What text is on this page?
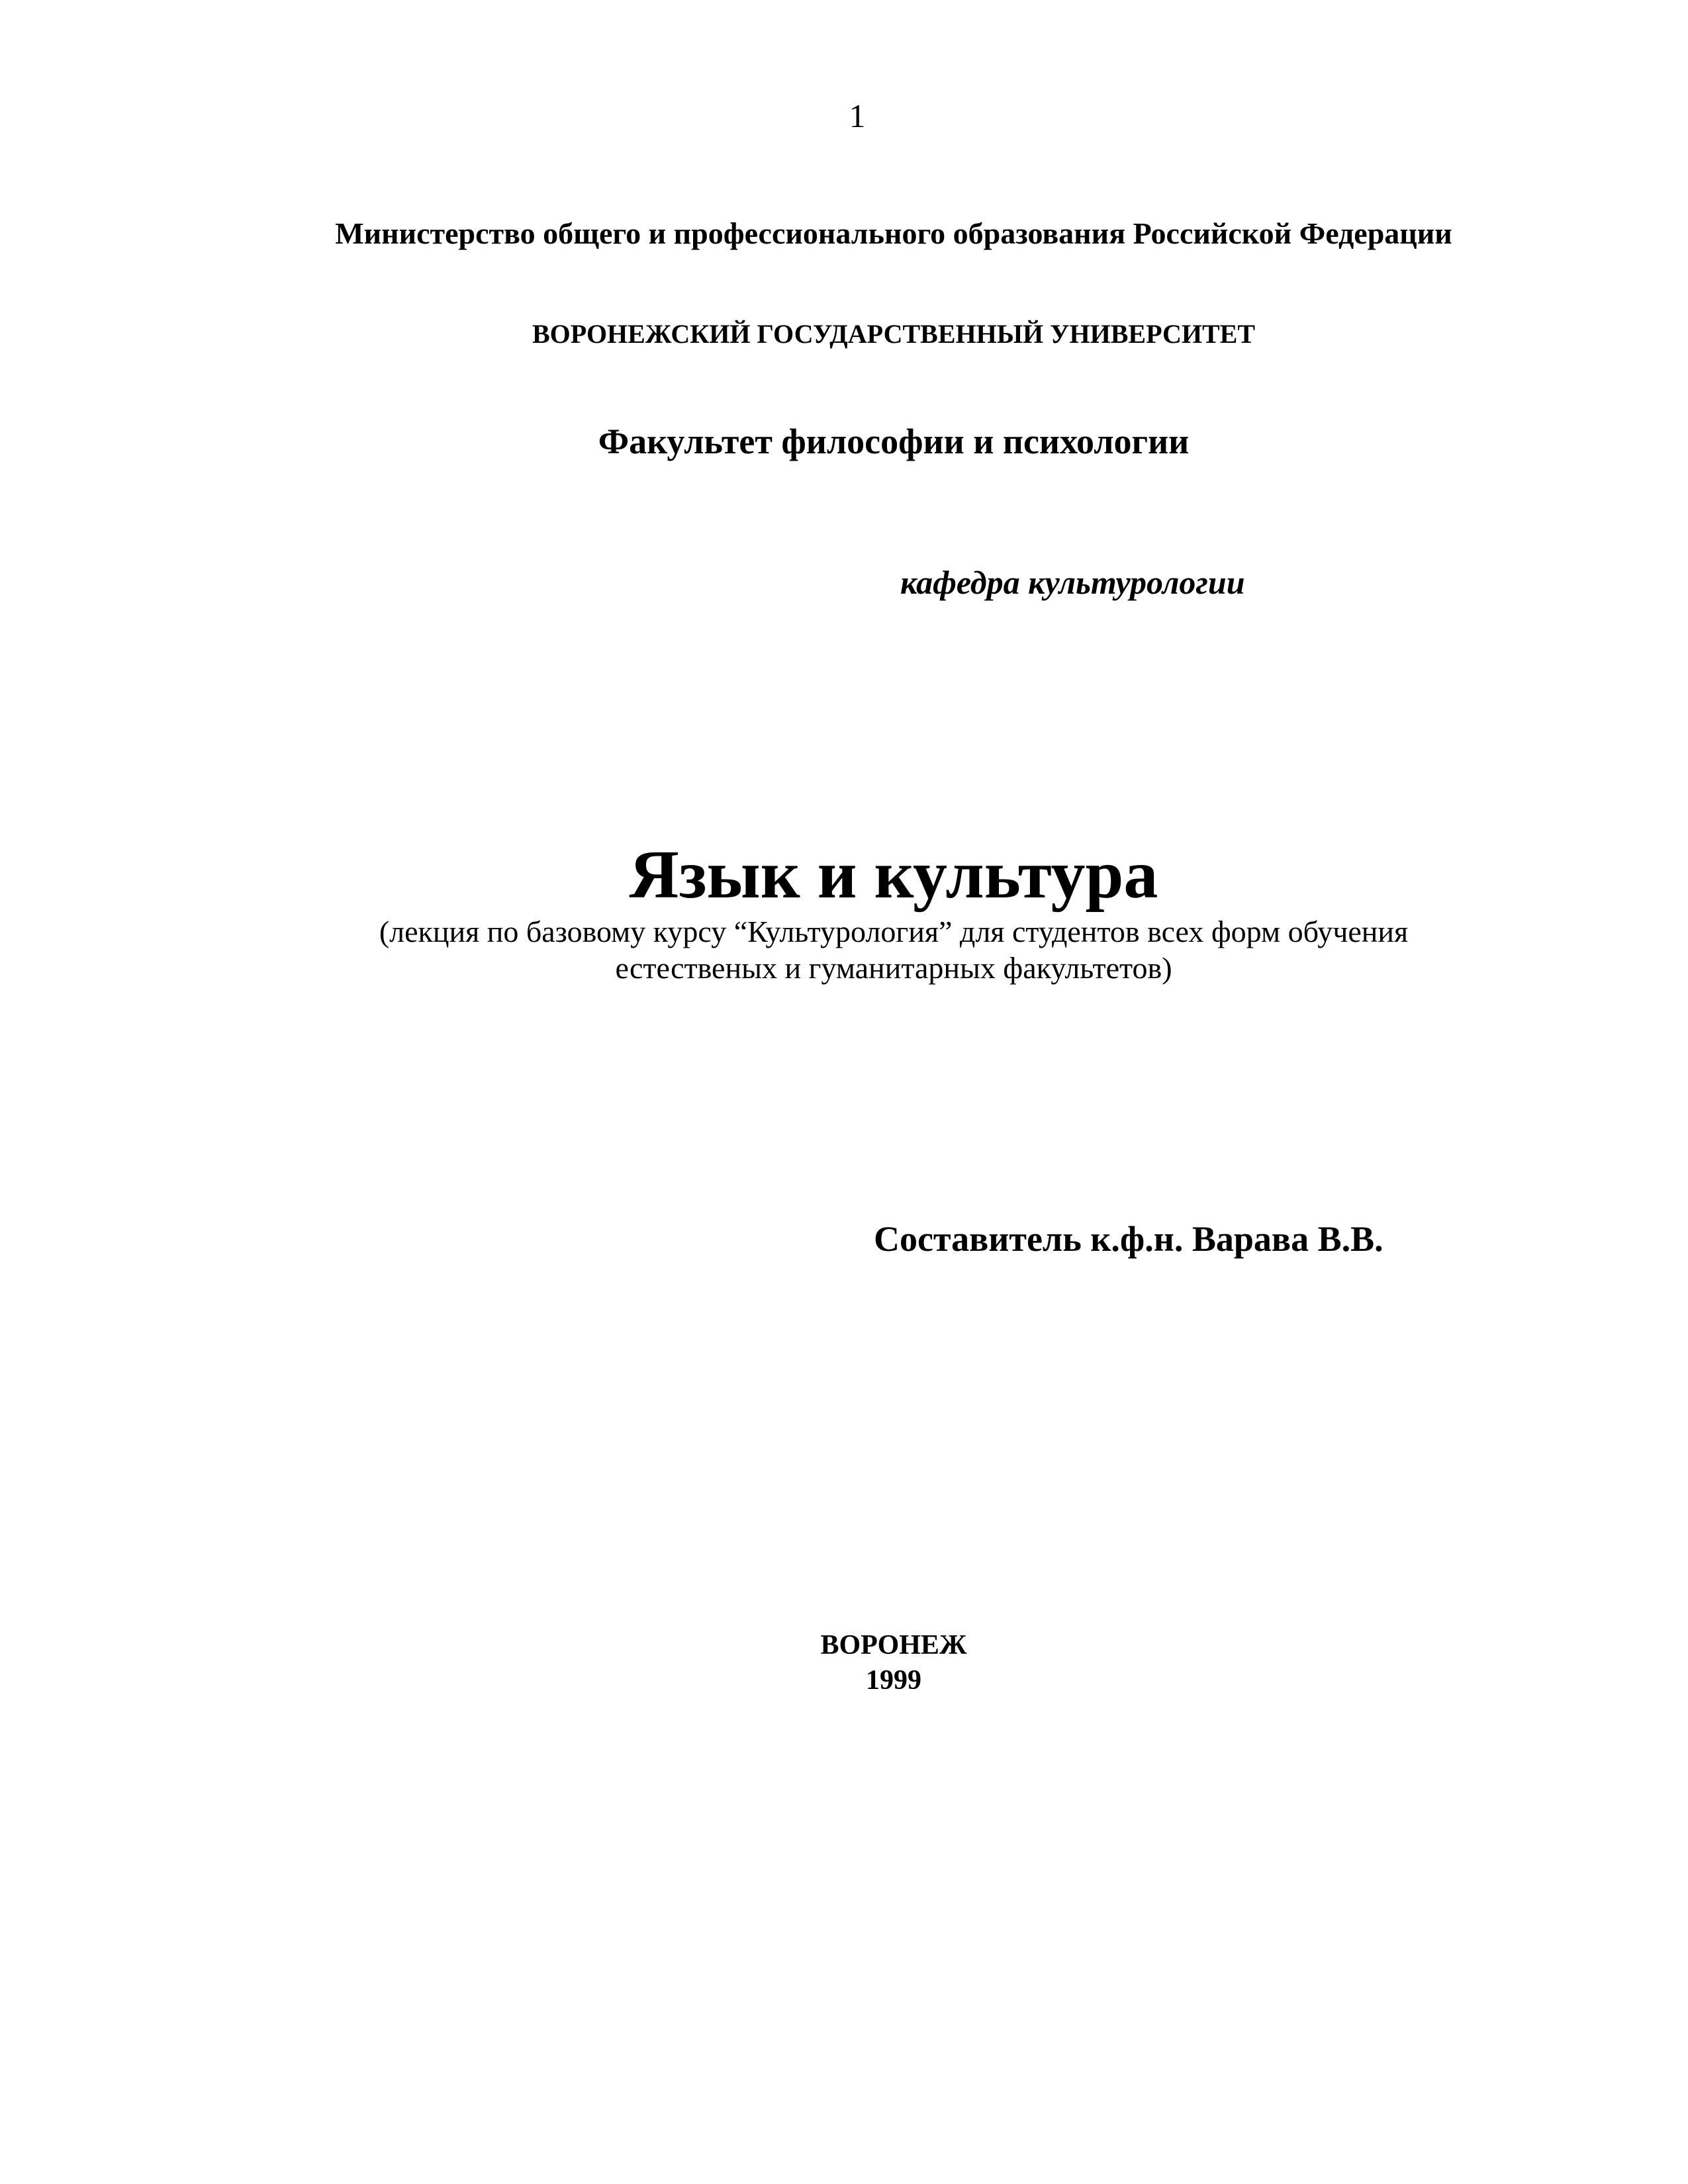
1
Министерство общего и профессионального образования Российской Федерации
ВОРОНЕЖСКИЙ ГОСУДАРСТВЕННЫЙ УНИВЕРСИТЕТ
Факультет философии и психологии
кафедра культурологии
Язык и культура
(лекция по базовому курсу “Культурология” для студентов всех форм обучения
естественых и гуманитарных факультетов)
Составитель к.ф.н. Варава В.В.
ВОРОНЕЖ
1999
